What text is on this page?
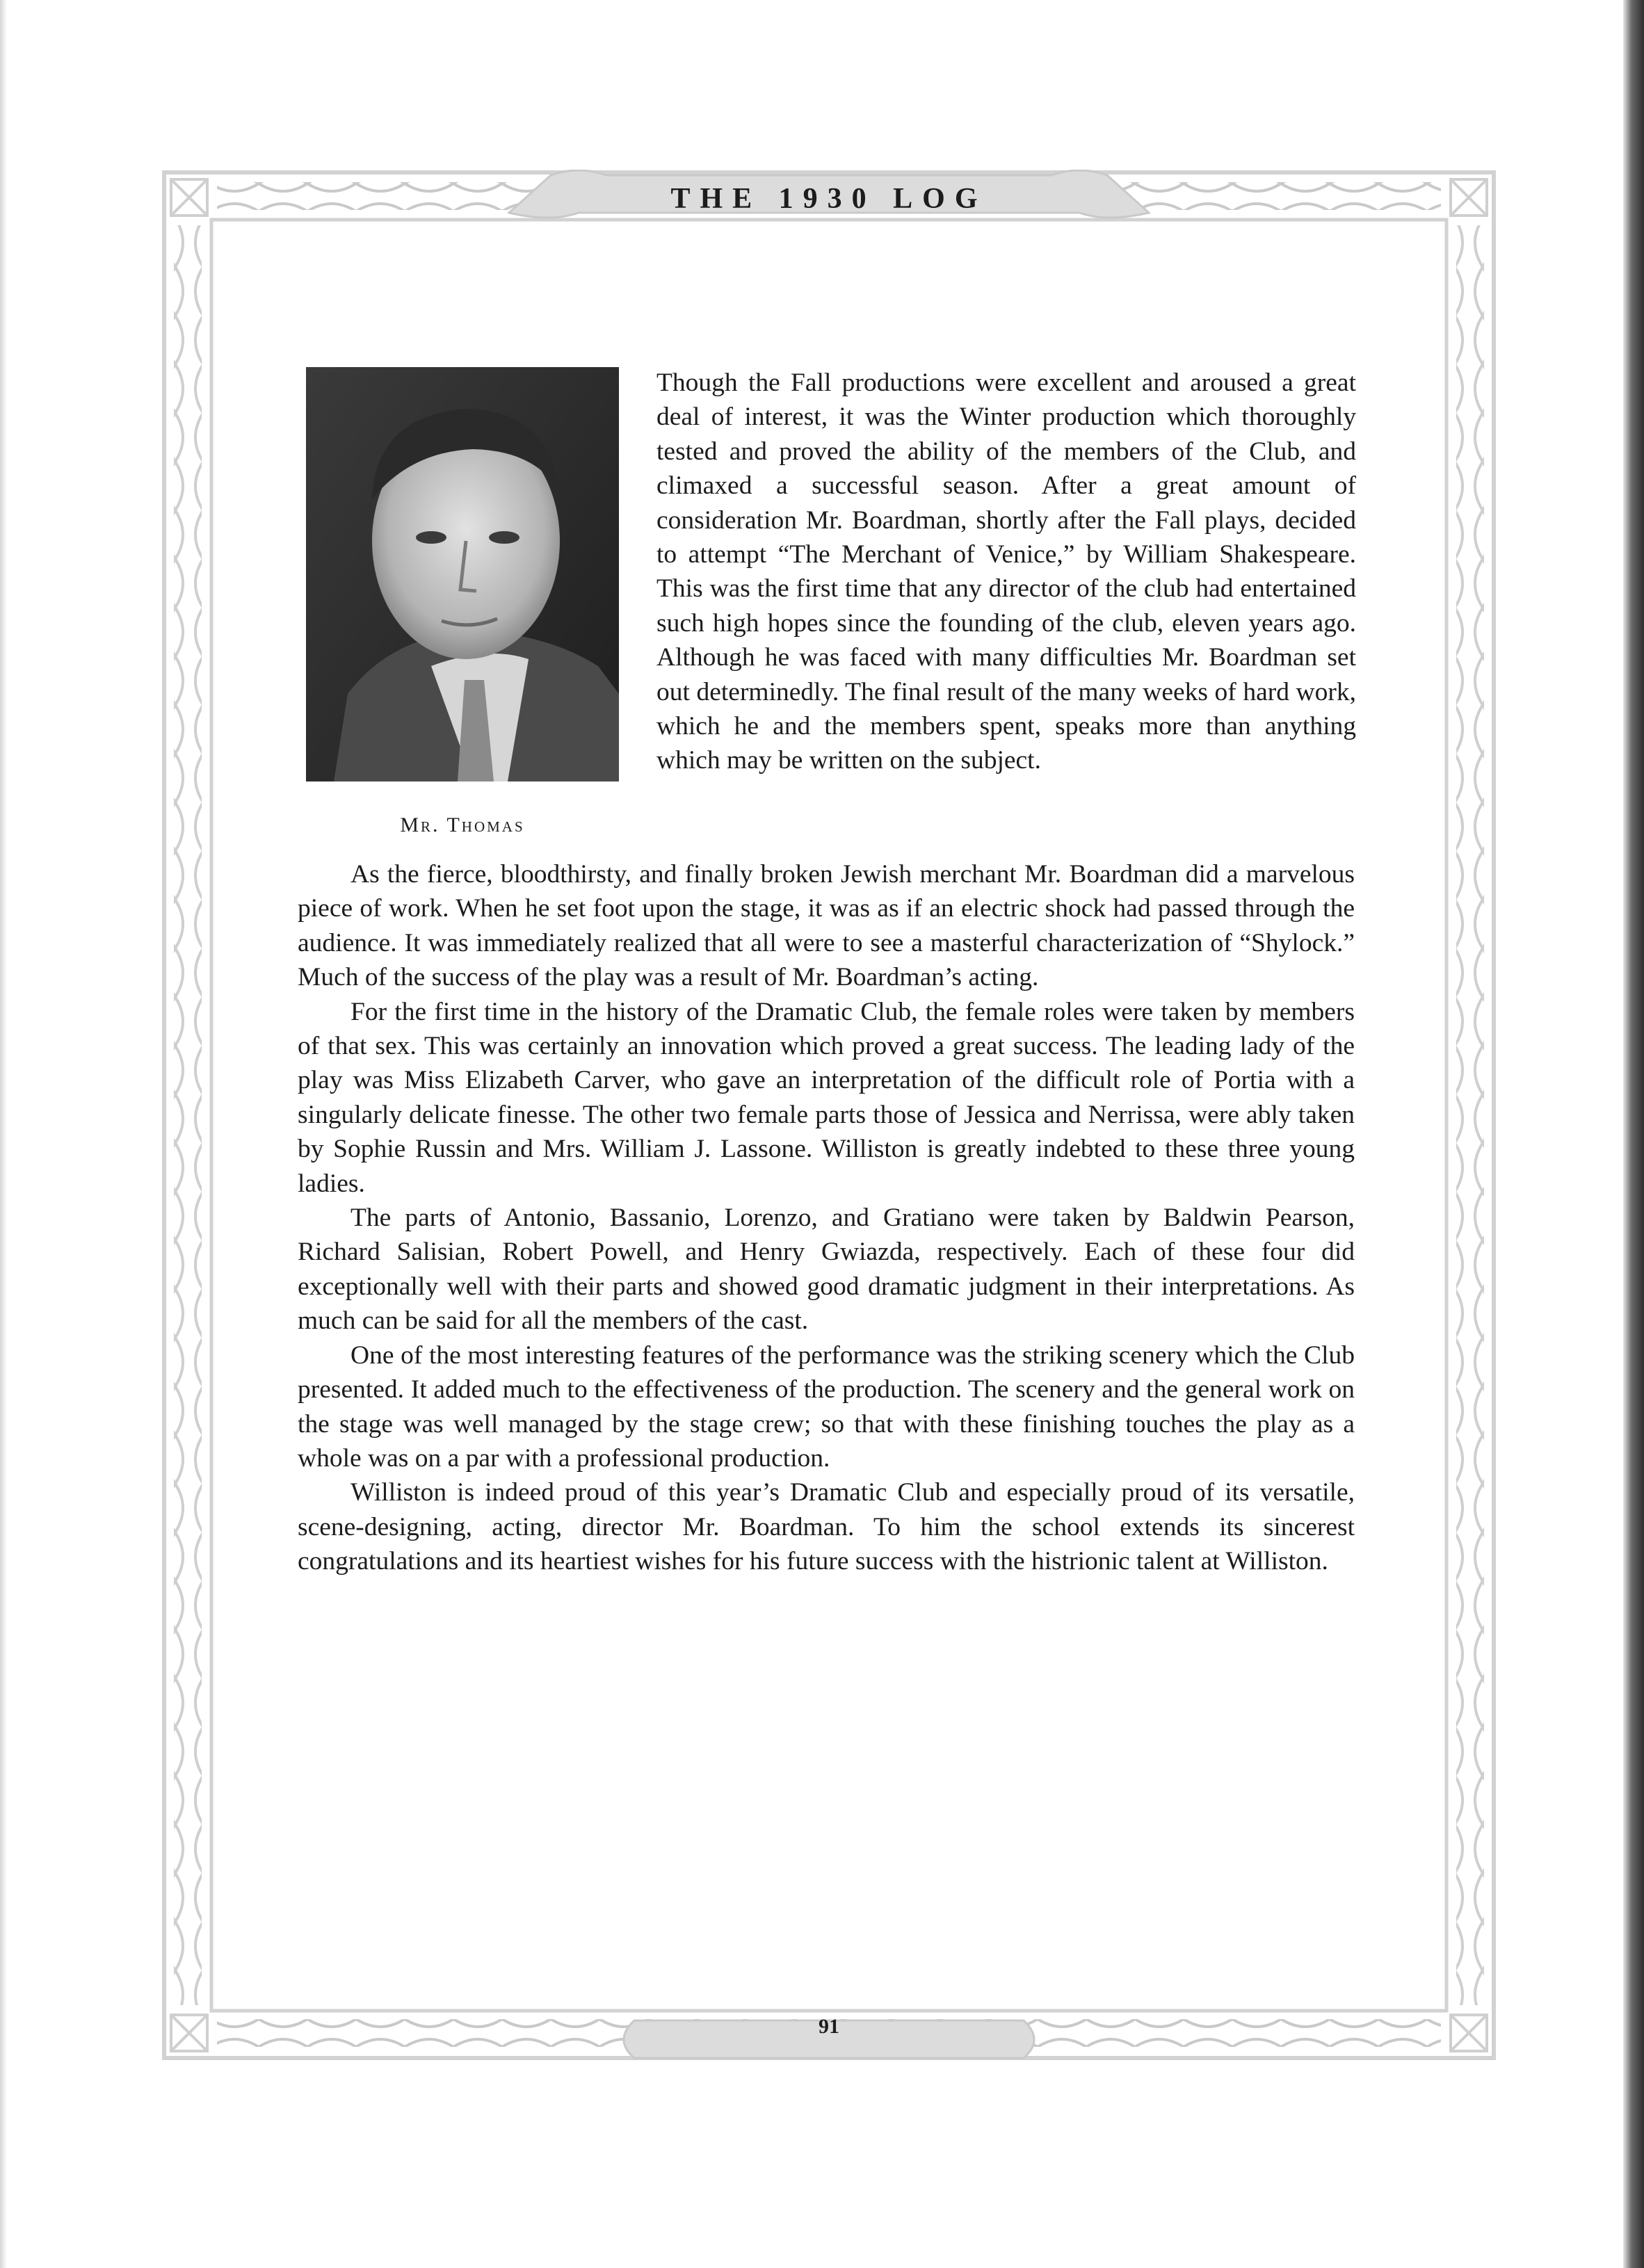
THE 1930 LOG
Mr. Thomas

Though the Fall productions were excellent and aroused a great deal of interest, it was the Winter production which thoroughly tested and proved the ability of the members of the Club, and climaxed a successful season. After a great amount of consideration Mr. Boardman, shortly after the Fall plays, decided to attempt “The Merchant of Venice,” by William Shakespeare. This was the first time that any director of the club had entertained such high hopes since the founding of the club, eleven years ago. Although he was faced with many difficulties Mr. Boardman set out determinedly. The final result of the many weeks of hard work, which he and the members spent, speaks more than anything which may be written on the subject.

As the fierce, bloodthirsty, and finally broken Jewish merchant Mr. Boardman did a marvelous piece of work. When he set foot upon the stage, it was as if an electric shock had passed through the audience. It was immediately realized that all were to see a masterful characterization of “Shylock.” Much of the success of the play was a result of Mr. Boardman’s acting.

For the first time in the history of the Dramatic Club, the female roles were taken by members of that sex. This was certainly an innovation which proved a great success. The leading lady of the play was Miss Elizabeth Carver, who gave an interpretation of the difficult role of Portia with a singularly delicate finesse. The other two female parts those of Jessica and Nerrissa, were ably taken by Sophie Russin and Mrs. William J. Lassone. Williston is greatly indebted to these three young ladies.

The parts of Antonio, Bassanio, Lorenzo, and Gratiano were taken by Baldwin Pearson, Richard Salisian, Robert Powell, and Henry Gwiazda, respectively. Each of these four did exceptionally well with their parts and showed good dramatic judgment in their interpretations. As much can be said for all the members of the cast.

One of the most interesting features of the performance was the striking scenery which the Club presented. It added much to the effectiveness of the production. The scenery and the general work on the stage was well managed by the stage crew; so that with these finishing touches the play as a whole was on a par with a professional production.

Williston is indeed proud of this year’s Dramatic Club and especially proud of its versatile, scene-designing, acting, director Mr. Boardman. To him the school extends its sincerest congratulations and its heartiest wishes for his future success with the histrionic talent at Williston.

91
